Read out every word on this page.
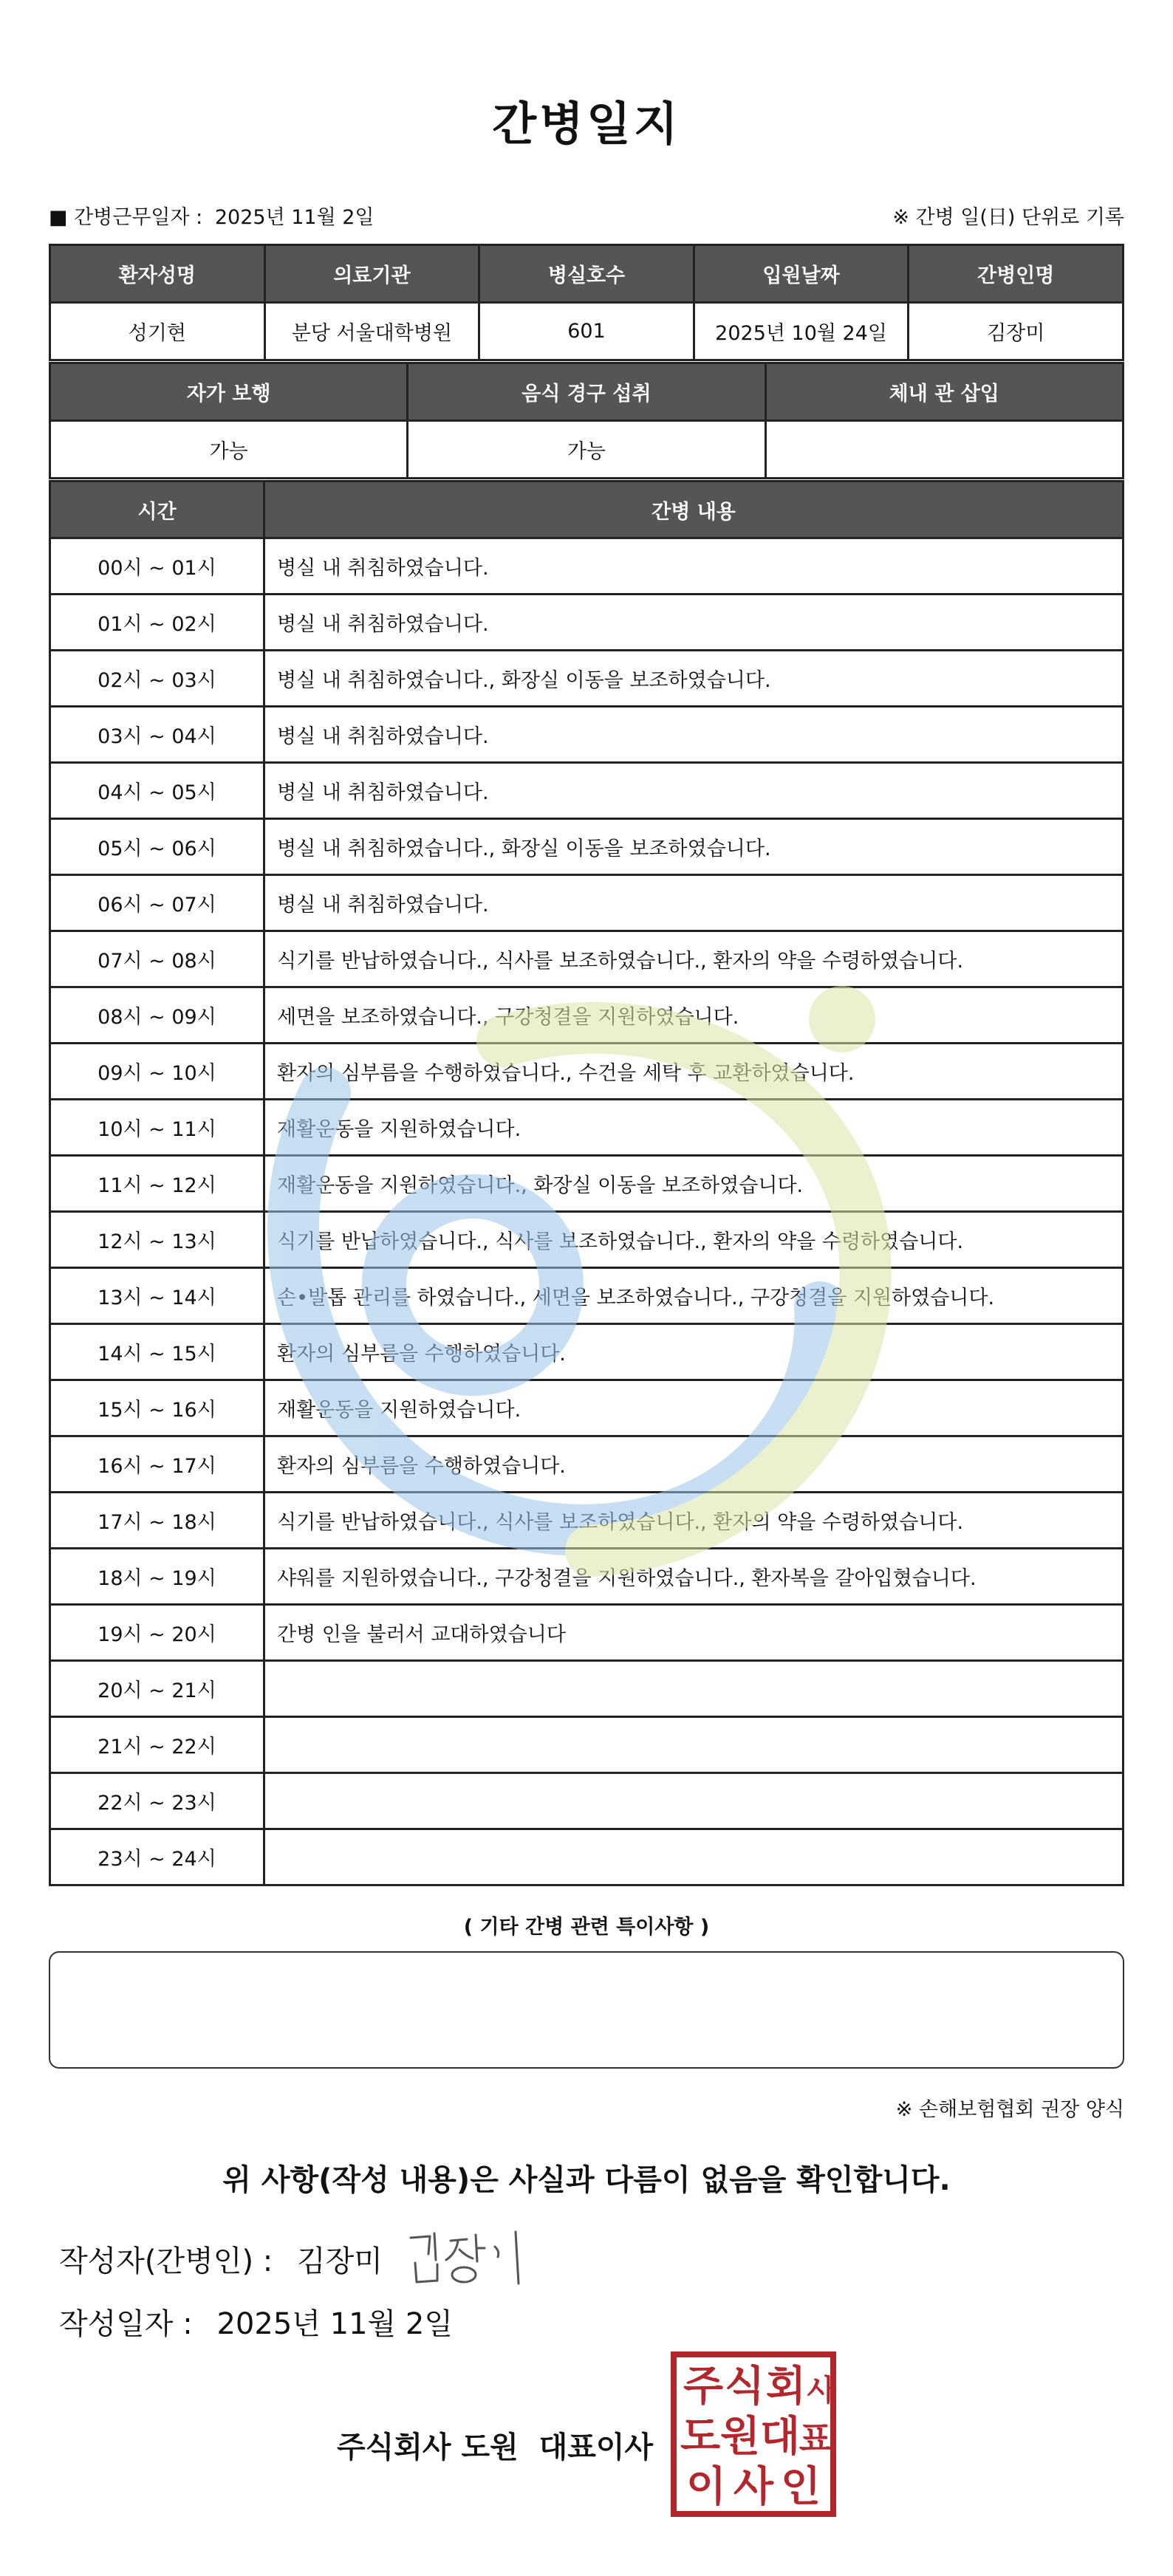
간병일지
■ 간병근무일자 : 2025년 11월 2일	※ 간병 일(日) 단위로 기록
환자성명	의료기관	병실호수	입원날짜	간병인명
성기현	분당 서울대학병원	601	2025년 10월 24일	김장미
자가 보행	음식 경구 섭취	체내 관 삽입
가능	가능	
시간	간병 내용
00시 ~ 01시	병실 내 취침하였습니다.
01시 ~ 02시	병실 내 취침하였습니다.
02시 ~ 03시	병실 내 취침하였습니다., 화장실 이동을 보조하였습니다.
03시 ~ 04시	병실 내 취침하였습니다.
04시 ~ 05시	병실 내 취침하였습니다.
05시 ~ 06시	병실 내 취침하였습니다., 화장실 이동을 보조하였습니다.
06시 ~ 07시	병실 내 취침하였습니다.
07시 ~ 08시	식기를 반납하였습니다., 식사를 보조하였습니다., 환자의 약을 수령하였습니다.
08시 ~ 09시	세면을 보조하였습니다., 구강청결을 지원하였습니다.
09시 ~ 10시	환자의 심부름을 수행하였습니다., 수건을 세탁 후 교환하였습니다.
10시 ~ 11시	재활운동을 지원하였습니다.
11시 ~ 12시	재활운동을 지원하였습니다., 화장실 이동을 보조하였습니다.
12시 ~ 13시	식기를 반납하였습니다., 식사를 보조하였습니다., 환자의 약을 수령하였습니다.
13시 ~ 14시	손•발톱 관리를 하였습니다., 세면을 보조하였습니다., 구강청결을 지원하였습니다.
14시 ~ 15시	환자의 심부름을 수행하였습니다.
15시 ~ 16시	재활운동을 지원하였습니다.
16시 ~ 17시	환자의 심부름을 수행하였습니다.
17시 ~ 18시	식기를 반납하였습니다., 식사를 보조하였습니다., 환자의 약을 수령하였습니다.
18시 ~ 19시	샤워를 지원하였습니다., 구강청결을 지원하였습니다., 환자복을 갈아입혔습니다.
19시 ~ 20시	간병 인을 불러서 교대하였습니다
20시 ~ 21시	
21시 ~ 22시	
22시 ~ 23시	
23시 ~ 24시	
( 기타 간병 관련 특이사항 )
※ 손해보험협회 권장 양식
위 사항(작성 내용)은 사실과 다름이 없음을 확인합니다.
작성자(간병인) : 김장미
작성일자 : 2025년 11월 2일
주식회사 도원  대표이사
주 식 회 사
도 원 대
표
이 사 인
